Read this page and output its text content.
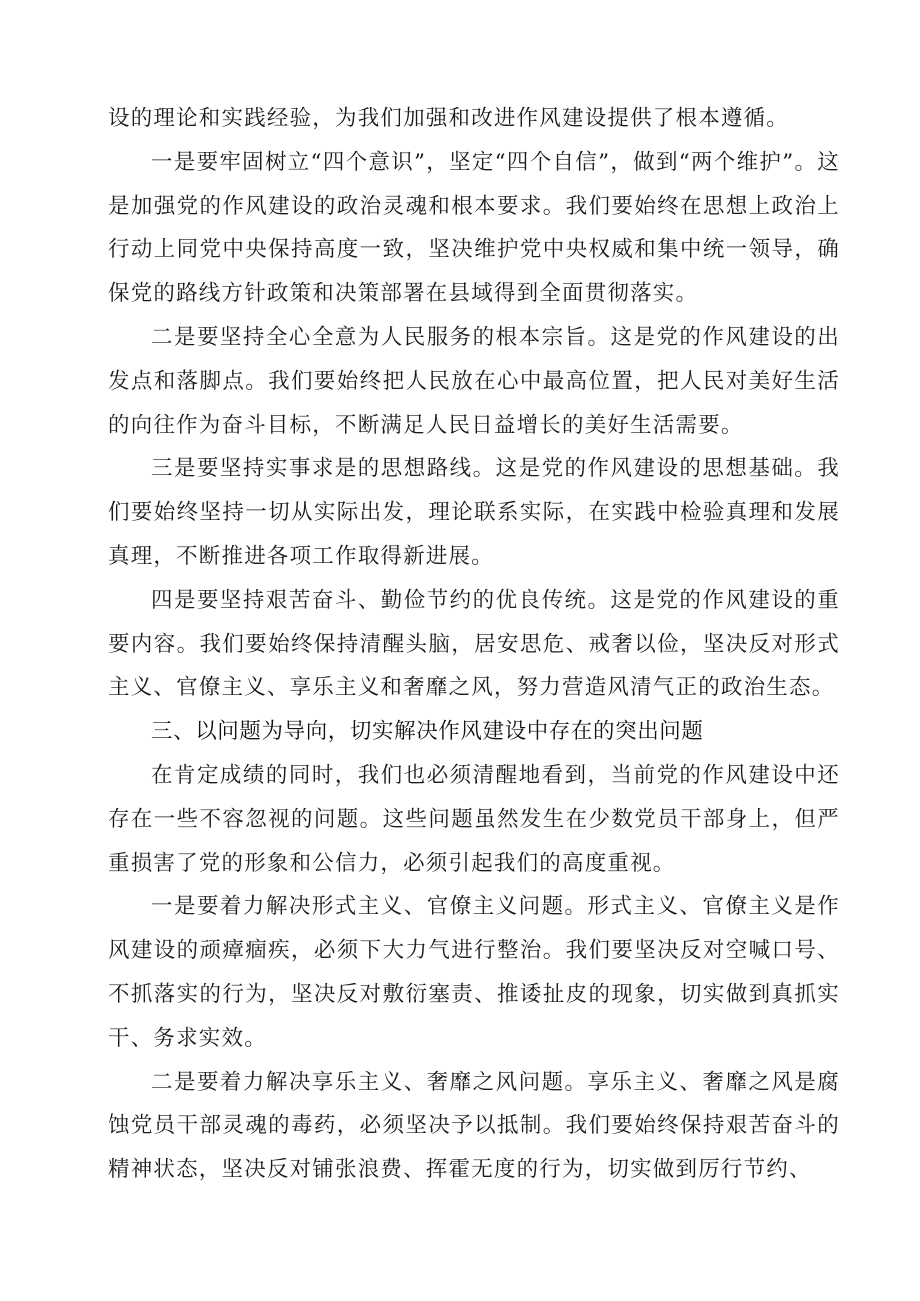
设的理论和实践经验，为我们加强和改进作风建设提供了根本遵循。

一是要牢固树立“四个意识”，坚定“四个自信”，做到“两个维护”。这是加强党的作风建设的政治灵魂和根本要求。我们要始终在思想上政治上行动上同党中央保持高度一致，坚决维护党中央权威和集中统一领导，确保党的路线方针政策和决策部署在县域得到全面贯彻落实。

二是要坚持全心全意为人民服务的根本宗旨。这是党的作风建设的出发点和落脚点。我们要始终把人民放在心中最高位置，把人民对美好生活的向往作为奋斗目标，不断满足人民日益增长的美好生活需要。

三是要坚持实事求是的思想路线。这是党的作风建设的思想基础。我们要始终坚持一切从实际出发，理论联系实际，在实践中检验真理和发展真理，不断推进各项工作取得新进展。

四是要坚持艰苦奋斗、勤俭节约的优良传统。这是党的作风建设的重要内容。我们要始终保持清醒头脑，居安思危、戒奢以俭，坚决反对形式主义、官僚主义、享乐主义和奢靡之风，努力营造风清气正的政治生态。

三、以问题为导向，切实解决作风建设中存在的突出问题

在肯定成绩的同时，我们也必须清醒地看到，当前党的作风建设中还存在一些不容忽视的问题。这些问题虽然发生在少数党员干部身上，但严重损害了党的形象和公信力，必须引起我们的高度重视。

一是要着力解决形式主义、官僚主义问题。形式主义、官僚主义是作风建设的顽瘴痼疾，必须下大力气进行整治。我们要坚决反对空喊口号、不抓落实的行为，坚决反对敷衍塞责、推诿扯皮的现象，切实做到真抓实干、务求实效。

二是要着力解决享乐主义、奢靡之风问题。享乐主义、奢靡之风是腐蚀党员干部灵魂的毒药，必须坚决予以抵制。我们要始终保持艰苦奋斗的精神状态，坚决反对铺张浪费、挥霍无度的行为，切实做到厉行节约、
